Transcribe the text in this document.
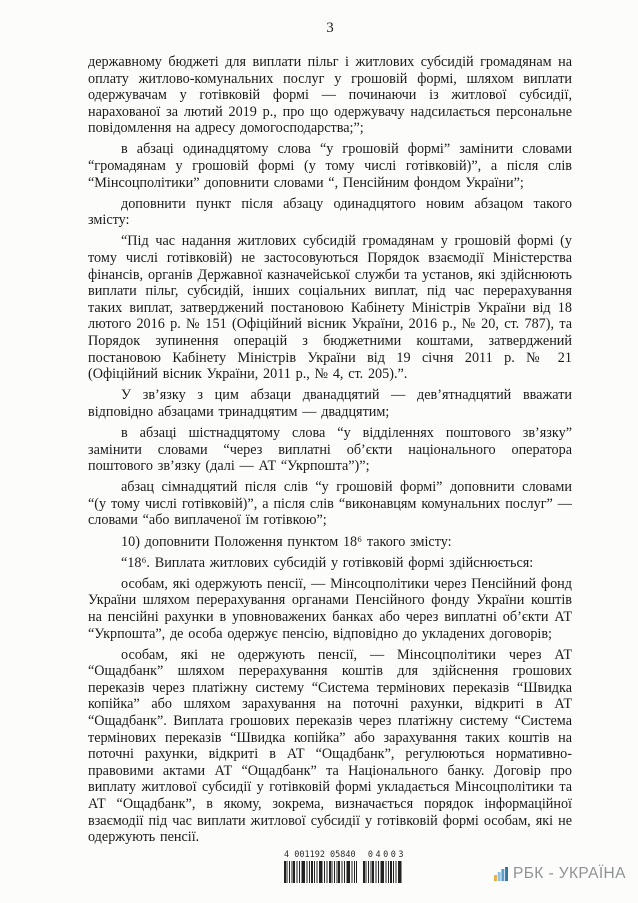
3

державному бюджеті для виплати пільг і житлових субсидій громадянам на оплату житлово-комунальних послуг у грошовій формі, шляхом виплати одержувачам у готівковій формі — починаючи із житлової субсидії, нарахованої за лютий 2019 р., про що одержувачу надсилається персональне повідомлення на адресу домогосподарства;”;

в абзаці одинадцятому слова “у грошовій формі” замінити словами “громадянам у грошовій формі (у тому числі готівковій)”, а після слів “Мінсоцполітики” доповнити словами “, Пенсійним фондом України”;

доповнити пункт після абзацу одинадцятого новим абзацом такого змісту:

“Під час надання житлових субсидій громадянам у грошовій формі (у тому числі готівковій) не застосовуються Порядок взаємодії Міністерства фінансів, органів Державної казначейської служби та установ, які здійснюють виплати пільг, субсидій, інших соціальних виплат, під час перерахування таких виплат, затверджений постановою Кабінету Міністрів України від 18 лютого 2016 р. № 151 (Офіційний вісник України, 2016 р., № 20, ст. 787), та Порядок зупинення операцій з бюджетними коштами, затверджений постановою Кабінету Міністрів України від 19 січня 2011 р. № 21 (Офіційний вісник України, 2011 р., № 4, ст. 205).”.

У зв’язку з цим абзаци дванадцятий — дев’ятнадцятий вважати відповідно абзацами тринадцятим — двадцятим;

в абзаці шістнадцятому слова “у відділеннях поштового зв’язку” замінити словами “через виплатні об’єкти національного оператора поштового зв’язку (далі — АТ “Укрпошта”)”;

абзац сімнадцятий після слів “у грошовій формі” доповнити словами “(у тому числі готівковій)”, а після слів “виконавцям комунальних послуг” — словами “або виплаченої їм готівкою”;

10) доповнити Положення пунктом 18⁶ такого змісту:

“18⁶. Виплата житлових субсидій у готівковій формі здійснюється:

особам, які одержують пенсії, — Мінсоцполітики через Пенсійний фонд України шляхом перерахування органами Пенсійного фонду України коштів на пенсійні рахунки в уповноважених банках або через виплатні об’єкти АТ “Укрпошта”, де особа одержує пенсію, відповідно до укладених договорів;

особам, які не одержують пенсії, — Мінсоцполітики через АТ “Ощадбанк” шляхом перерахування коштів для здійснення грошових переказів через платіжну систему “Система термінових переказів “Швидка копійка” або шляхом зарахування на поточні рахунки, відкриті в АТ “Ощадбанк”. Виплата грошових переказів через платіжну систему “Система термінових переказів “Швидка копійка” або зарахування таких коштів на поточні рахунки, відкриті в АТ “Ощадбанк”, регулюються нормативно-правовими актами АТ “Ощадбанк” та Національного банку. Договір про виплату житлової субсидії у готівковій формі укладається Мінсоцполітики та АТ “Ощадбанк”, в якому, зокрема, визначається порядок інформаційної взаємодії під час виплати житлової субсидії у готівковій формі особам, які не одержують пенсії.

4 001192 05840 04003
РБК - УКРАЇНА
